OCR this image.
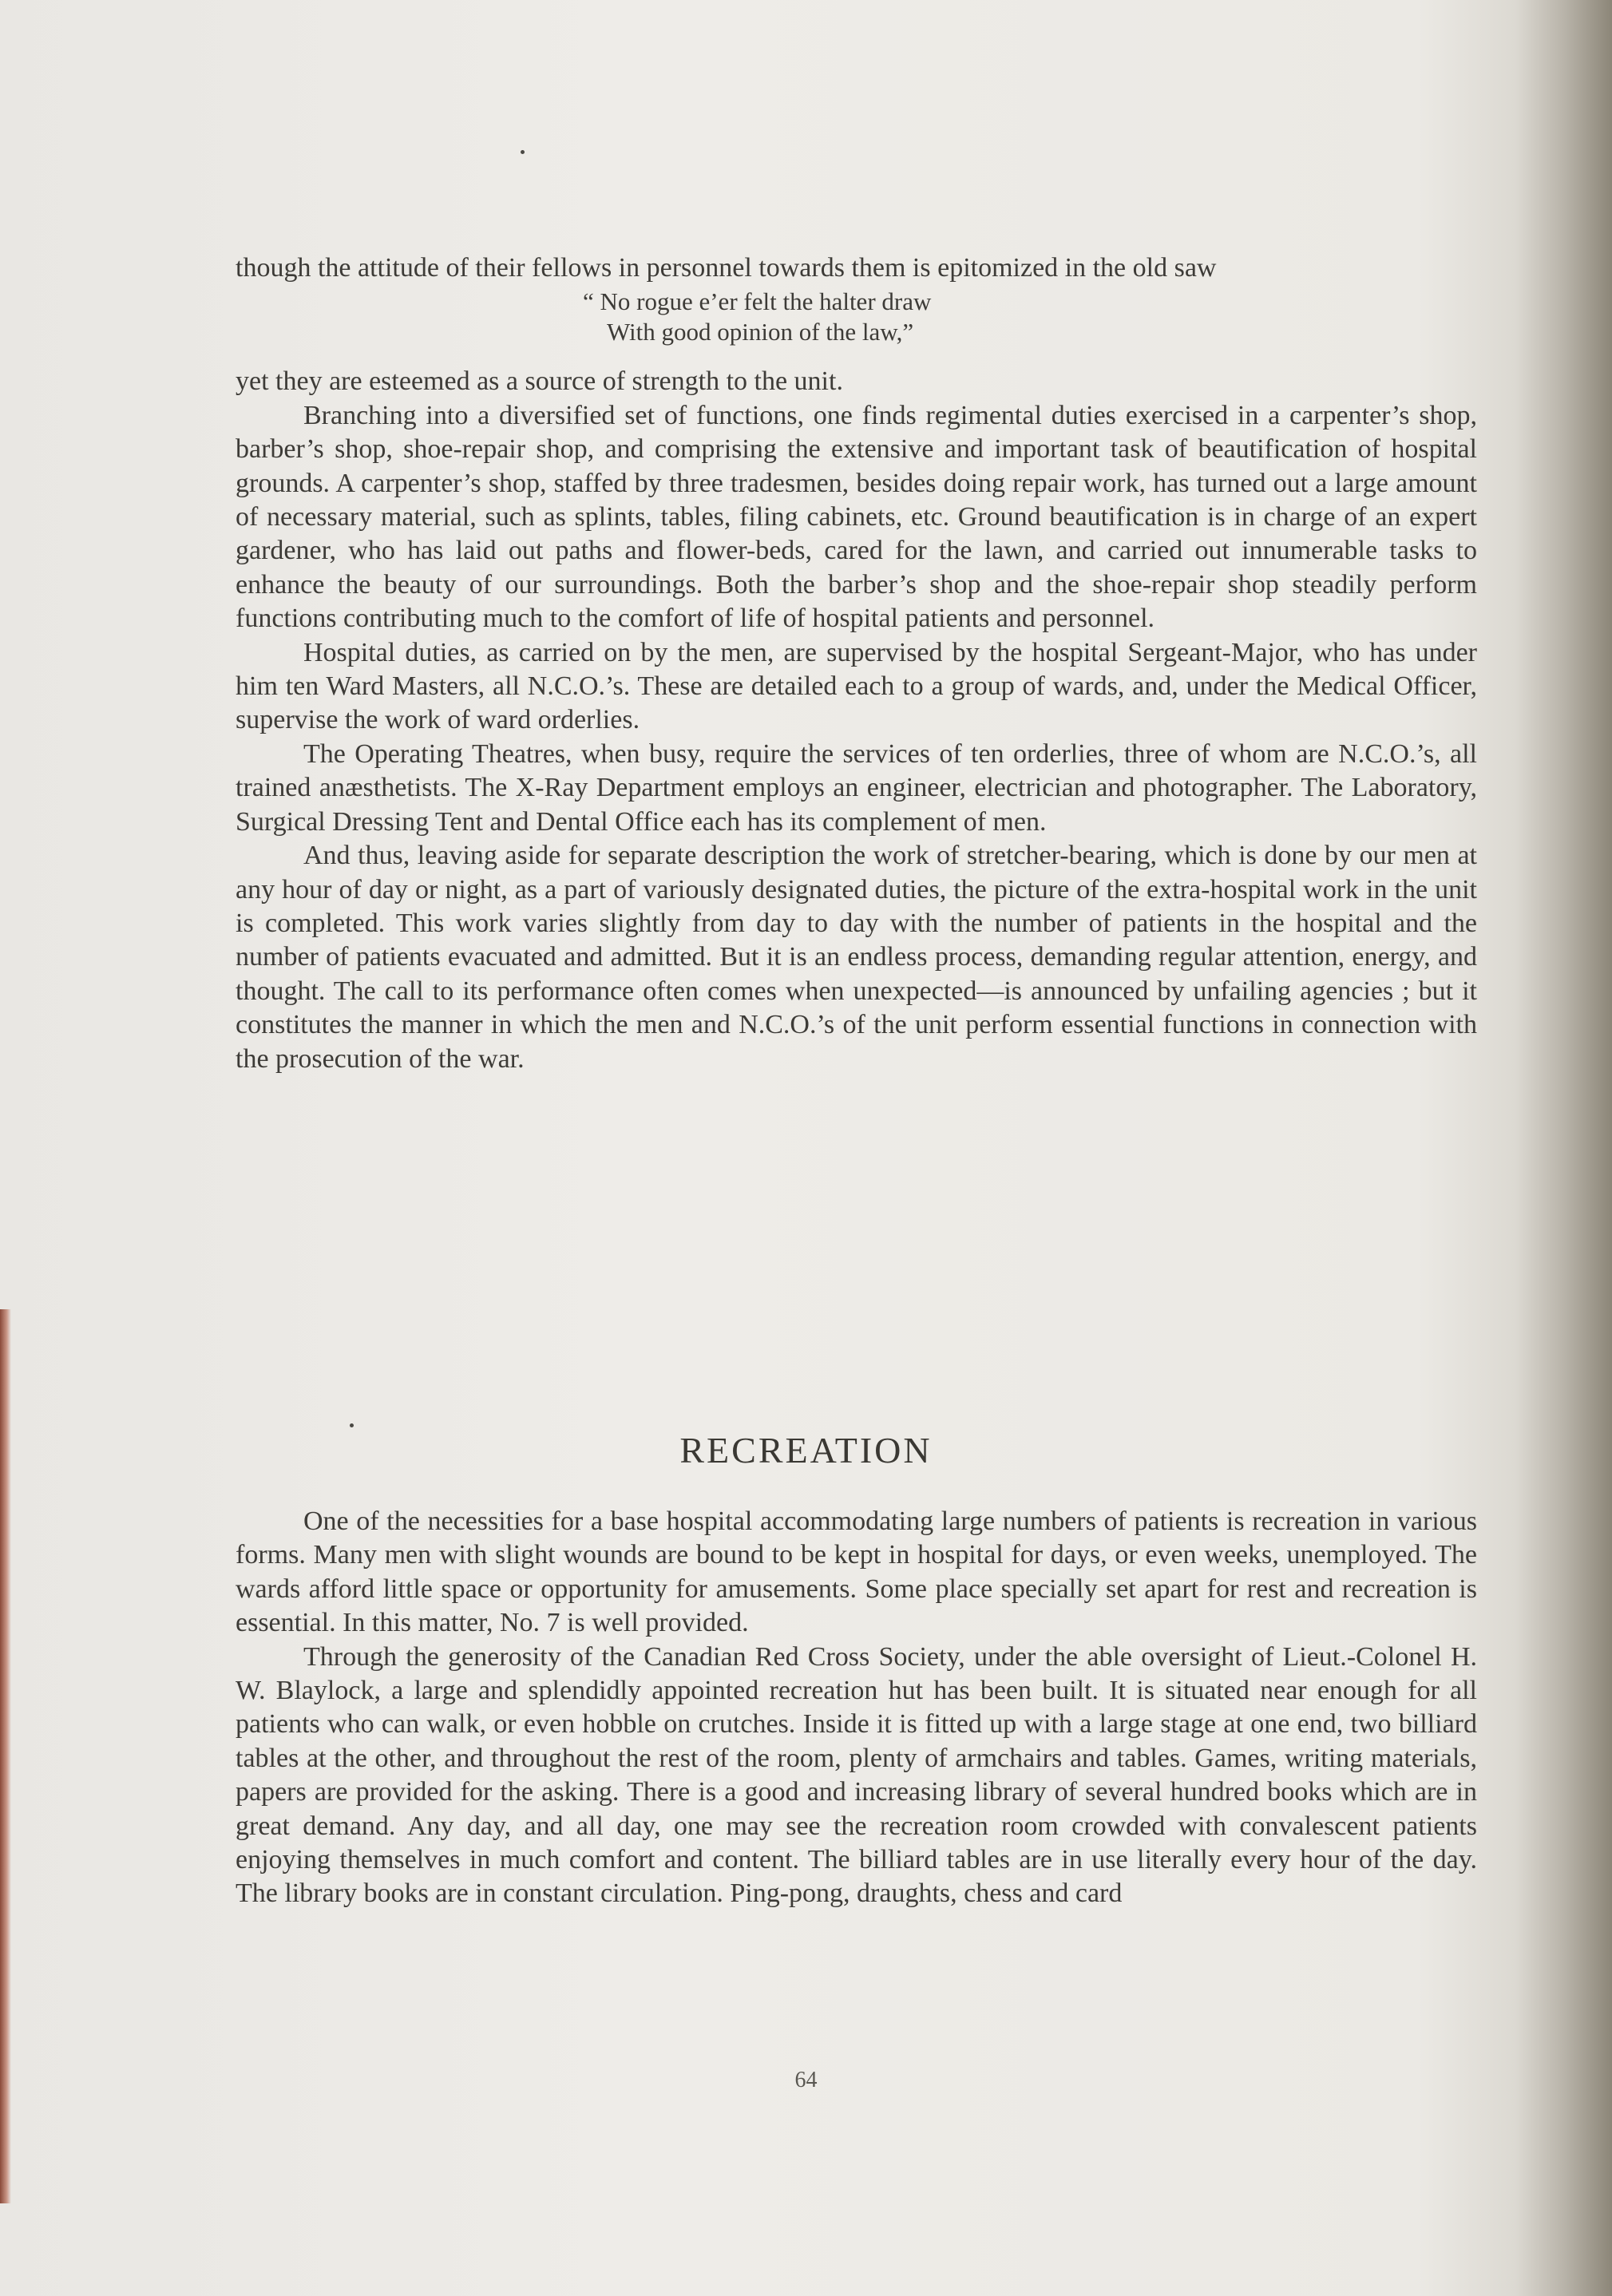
though the attitude of their fellows in personnel towards them is epitomized in the old saw

“ No rogue e’er felt the halter draw
With good opinion of the law,”

yet they are esteemed as a source of strength to the unit.

Branching into a diversified set of functions, one finds regimental duties exercised in a carpenter’s shop, barber’s shop, shoe-repair shop, and comprising the extensive and important task of beautification of hospital grounds. A carpenter’s shop, staffed by three tradesmen, besides doing repair work, has turned out a large amount of necessary material, such as splints, tables, filing cabinets, etc. Ground beautification is in charge of an expert gardener, who has laid out paths and flower-beds, cared for the lawn, and carried out innumerable tasks to enhance the beauty of our surroundings. Both the barber’s shop and the shoe-repair shop steadily perform functions contributing much to the comfort of life of hospital patients and personnel.

Hospital duties, as carried on by the men, are supervised by the hospital Sergeant-Major, who has under him ten Ward Masters, all N.C.O.’s. These are detailed each to a group of wards, and, under the Medical Officer, supervise the work of ward orderlies.

The Operating Theatres, when busy, require the services of ten orderlies, three of whom are N.C.O.’s, all trained anæsthetists. The X-Ray Department employs an engineer, electrician and photographer. The Laboratory, Surgical Dressing Tent and Dental Office each has its complement of men.

And thus, leaving aside for separate description the work of stretcher-bearing, which is done by our men at any hour of day or night, as a part of variously designated duties, the picture of the extra-hospital work in the unit is completed. This work varies slightly from day to day with the number of patients in the hospital and the number of patients evacuated and admitted. But it is an endless process, demanding regular attention, energy, and thought. The call to its performance often comes when unexpected—is announced by unfailing agencies ; but it constitutes the manner in which the men and N.C.O.’s of the unit perform essential functions in connection with the prosecution of the war.

RECREATION

One of the necessities for a base hospital accommodating large numbers of patients is recreation in various forms. Many men with slight wounds are bound to be kept in hospital for days, or even weeks, unemployed. The wards afford little space or opportunity for amusements. Some place specially set apart for rest and recreation is essential. In this matter, No. 7 is well provided.

Through the generosity of the Canadian Red Cross Society, under the able oversight of Lieut.-Colonel H. W. Blaylock, a large and splendidly appointed recreation hut has been built. It is situated near enough for all patients who can walk, or even hobble on crutches. Inside it is fitted up with a large stage at one end, two billiard tables at the other, and throughout the rest of the room, plenty of armchairs and tables. Games, writing materials, papers are provided for the asking. There is a good and increasing library of several hundred books which are in great demand. Any day, and all day, one may see the recreation room crowded with convalescent patients enjoying themselves in much comfort and content. The billiard tables are in use literally every hour of the day. The library books are in constant circulation. Ping-pong, draughts, chess and card

64
